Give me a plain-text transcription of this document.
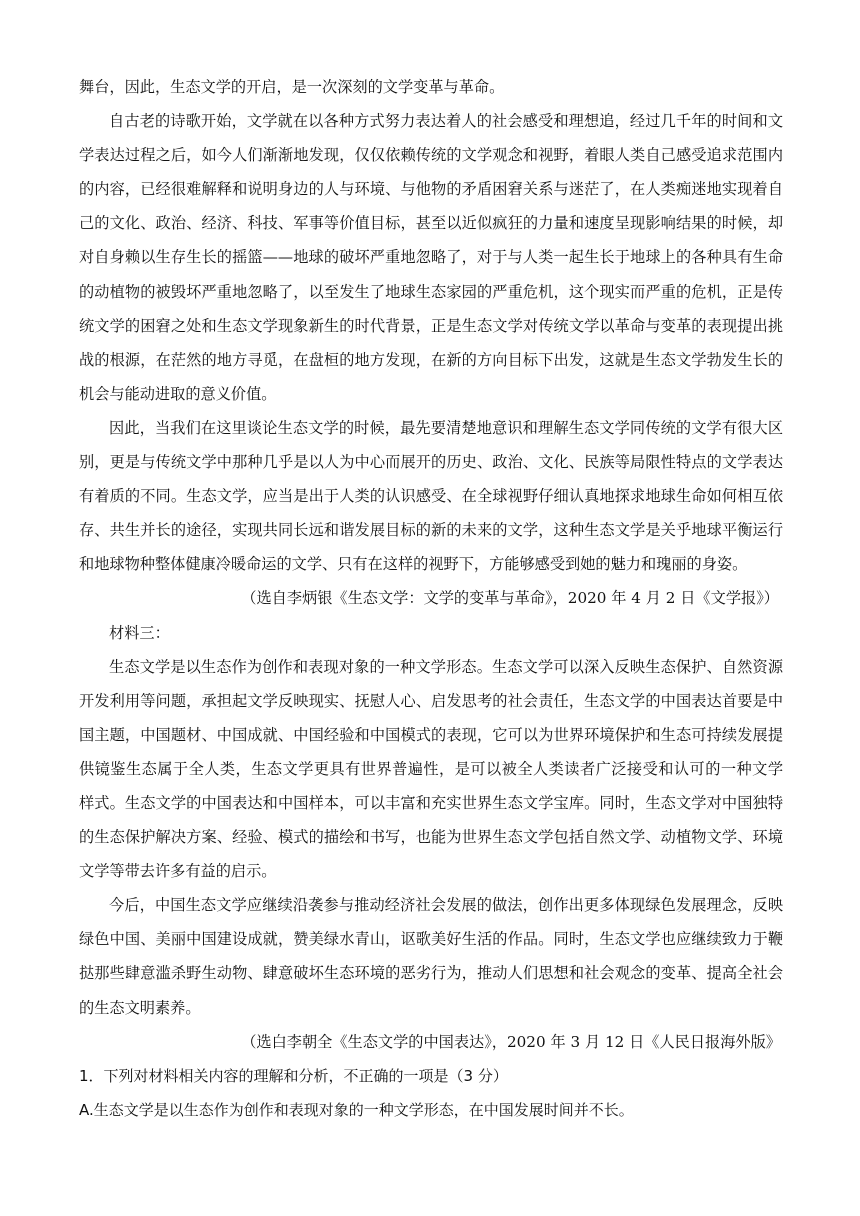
舞台，因此，生态文学的开启，是一次深刻的文学变革与革命。
自古老的诗歌开始，文学就在以各种方式努力表达着人的社会感受和理想追，经过几千年的时间和文
学表达过程之后，如今人们渐渐地发现，仅仅依赖传统的文学观念和视野，着眼人类自己感受追求范围内
的内容，已经很难解释和说明身边的人与环境、与他物的矛盾困窘关系与迷茫了，在人类痴迷地实现着自
己的文化、政治、经济、科技、军事等价值目标，甚至以近似疯狂的力量和速度呈现影响结果的时候，却
对自身赖以生存生长的摇篮——地球的破坏严重地忽略了，对于与人类一起生长于地球上的各种具有生命
的动植物的被毁坏严重地忽略了，以至发生了地球生态家园的严重危机，这个现实而严重的危机，正是传
统文学的困窘之处和生态文学现象新生的时代背景，正是生态文学对传统文学以革命与变革的表现提出挑
战的根源，在茫然的地方寻觅，在盘桓的地方发现，在新的方向目标下出发，这就是生态文学勃发生长的
机会与能动进取的意义价值。
因此，当我们在这里谈论生态文学的时候，最先要清楚地意识和理解生态文学同传统的文学有很大区
别，更是与传统文学中那种几乎是以人为中心而展开的历史、政治、文化、民族等局限性特点的文学表达
有着质的不同。生态文学，应当是出于人类的认识感受、在全球视野仔细认真地探求地球生命如何相互依
存、共生并长的途径，实现共同长远和谐发展目标的新的未来的文学，这种生态文学是关乎地球平衡运行
和地球物种整体健康冷暖命运的文学、只有在这样的视野下，方能够感受到她的魅力和瑰丽的身姿。
（选自李炳银《生态文学：文学的变革与革命》，2020 年 4 月 2 日《文学报》）
材料三：
生态文学是以生态作为创作和表现对象的一种文学形态。生态文学可以深入反映生态保护、自然资源
开发利用等问题，承担起文学反映现实、抚慰人心、启发思考的社会责任，生态文学的中国表达首要是中
国主题，中国题材、中国成就、中国经验和中国模式的表现，它可以为世界环境保护和生态可持续发展提
供镜鉴生态属于全人类，生态文学更具有世界普遍性，是可以被全人类读者广泛接受和认可的一种文学
样式。生态文学的中国表达和中国样本，可以丰富和充实世界生态文学宝库。同时，生态文学对中国独特
的生态保护解决方案、经验、模式的描绘和书写，也能为世界生态文学包括自然文学、动植物文学、环境
文学等带去许多有益的启示。
今后，中国生态文学应继续沿袭参与推动经济社会发展的做法，创作出更多体现绿色发展理念，反映
绿色中国、美丽中国建设成就，赞美绿水青山，讴歌美好生活的作品。同时，生态文学也应继续致力于鞭
挞那些肆意滥杀野生动物、肆意破坏生态环境的恶劣行为，推动人们思想和社会观念的变革、提高全社会
的生态文明素养。
（选白李朝全《生态文学的中国表达》，2020 年 3 月 12 日《人民日报海外版》
1．下列对材料相关内容的理解和分析，不正确的一项是（3 分）
A.生态文学是以生态作为创作和表现对象的一种文学形态，在中国发展时间并不长。
